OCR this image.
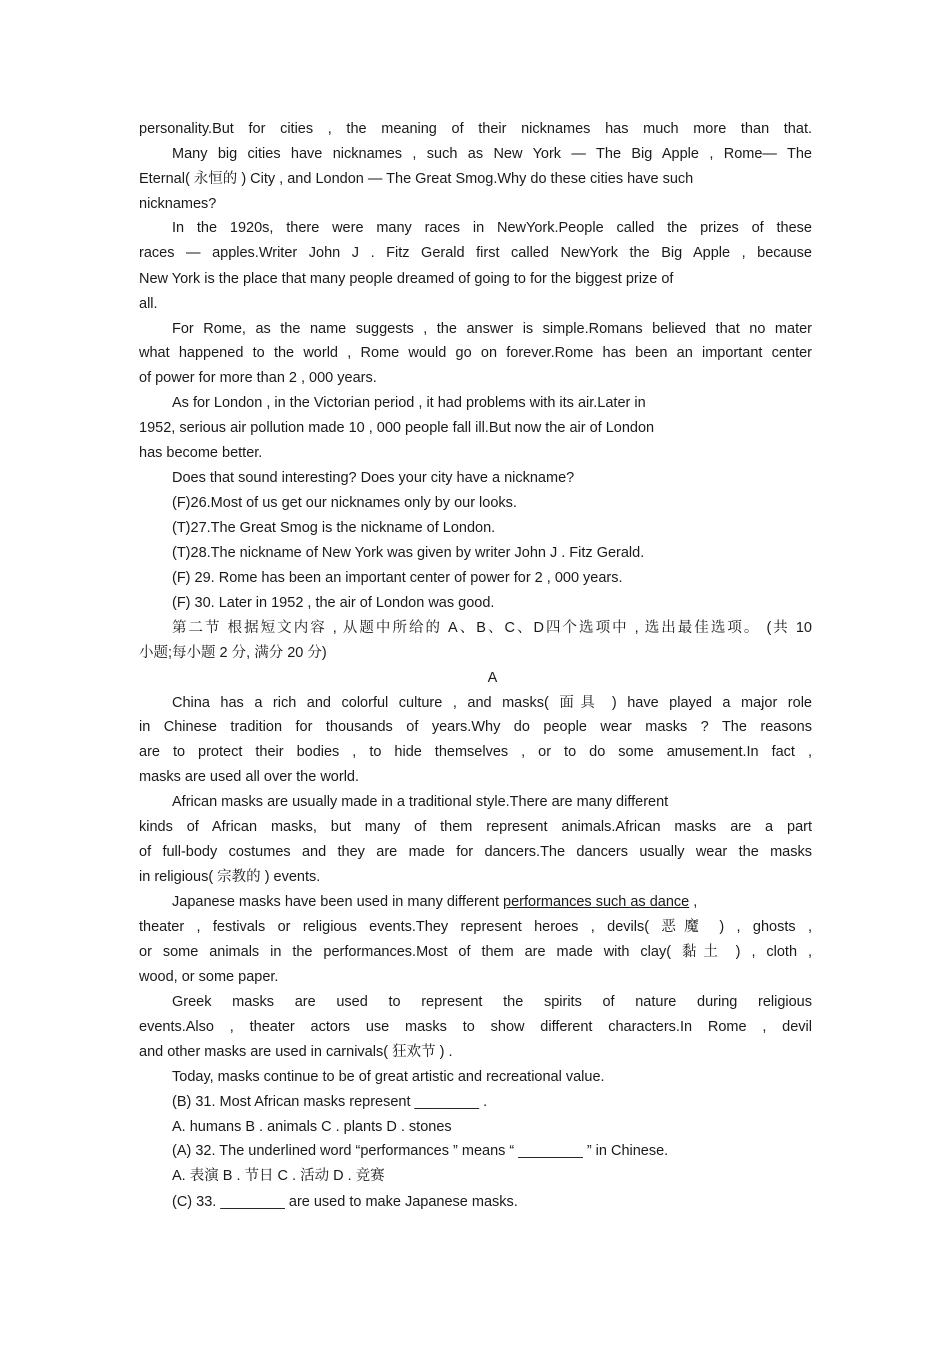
personality.But for cities , the meaning of their nicknames has much more than that.
Many big cities have nicknames , such as New York — The Big Apple , Rome— The
Eternal( 永恒的 ) City , and London — The Great Smog.Why do these cities have such
nicknames?
In the 1920s, there were many races in NewYork.People called the prizes of these
races — apples.Writer John J . Fitz Gerald first called NewYork the Big Apple , because
New York is the place that many people dreamed of going to for the biggest prize of
all.
For Rome, as the name suggests , the answer is simple.Romans believed that no mater
what happened to the world , Rome would go on forever.Rome has been an important center
of power for more than 2 , 000 years.
As for London , in the Victorian period , it had problems with its air.Later in
1952, serious air pollution made 10 , 000 people fall ill.But now the air of London
has become better.
Does that sound interesting? Does your city have a nickname?
(F)26.Most of us get our nicknames only by our looks.
(T)27.The Great Smog is the nickname of London.
(T)28.The nickname of New York was given by writer John J . Fitz Gerald.
(F) 29. Rome has been an important center of power for 2 , 000 years.
(F) 30. Later in 1952 , the air of London was good.
第二节 根据短文内容 , 从题中所给的 A、B、C、D四个选项中 , 选出最佳选项。 (共 10
小题;每小题 2 分, 满分 20 分)
A
China has a rich and colorful culture , and masks( 面具 ) have played a major role
in Chinese tradition for thousands of years.Why do people wear masks ? The reasons
are to protect their bodies , to hide themselves , or to do some amusement.In fact ,
masks are used all over the world.
African masks are usually made in a traditional style.There are many different
kinds of African masks, but many of them represent animals.African masks are a part
of full-body costumes and they are made for dancers.The dancers usually wear the masks
in religious( 宗教的 ) events.
Japanese masks have been used in many different performances such as dance ,
theater , festivals or religious events.They represent heroes , devils( 恶魔 ) , ghosts ,
or some animals in the performances.Most of them are made with clay( 黏土 ) , cloth ,
wood, or some paper.
Greek masks are used to represent the spirits of nature during religious
events.Also , theater actors use masks to show different characters.In Rome , devil
and other masks are used in carnivals( 狂欢节 ) .
Today, masks continue to be of great artistic and recreational value.
(B) 31. Most African masks represent ________ .
A. humans B . animals C . plants D . stones
(A) 32. The underlined word “performances ” means “ ________ ” in Chinese.
A. 表演 B . 节日 C . 活动 D . 竞赛
(C) 33. ________ are used to make Japanese masks.
